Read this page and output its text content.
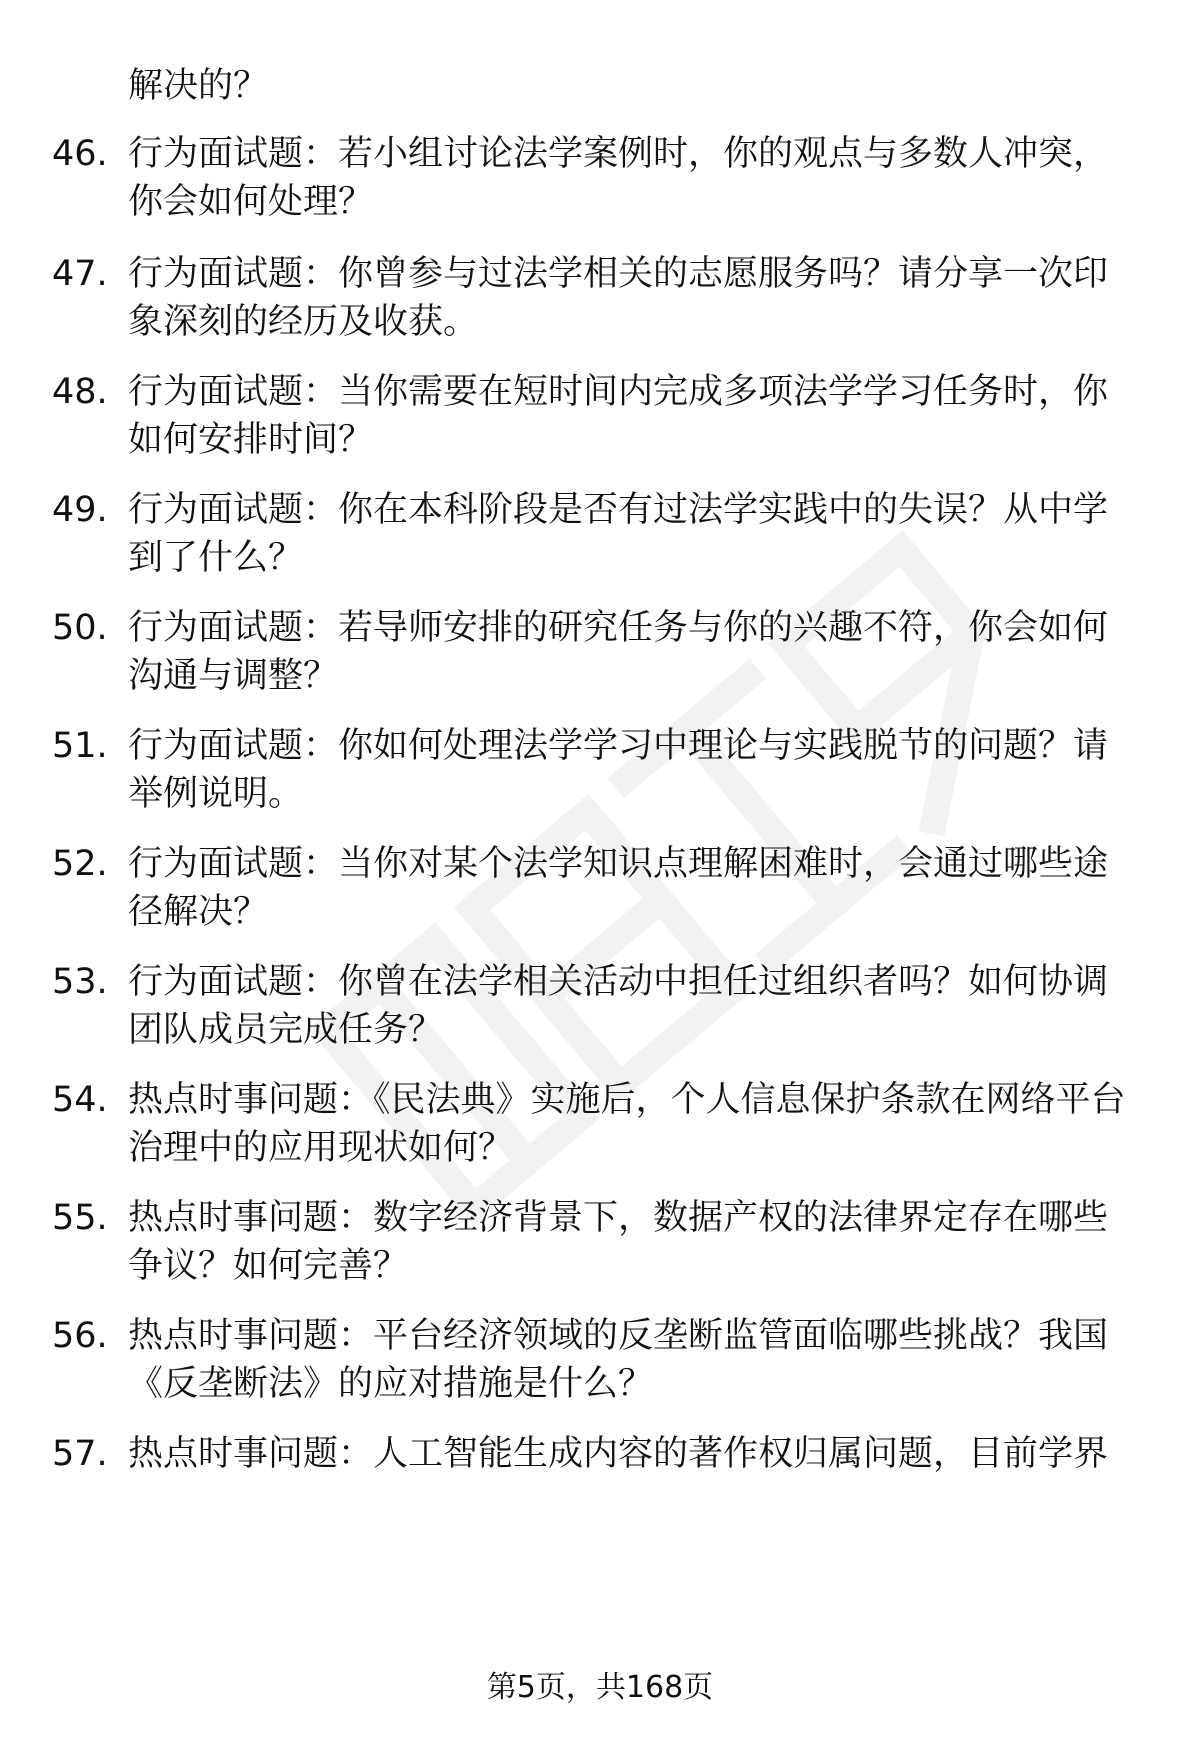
解决的？

46. 行为面试题：若小组讨论法学案例时，你的观点与多数人冲突，你会如何处理？
47. 行为面试题：你曾参与过法学相关的志愿服务吗？请分享一次印象深刻的经历及收获。
48. 行为面试题：当你需要在短时间内完成多项法学学习任务时，你如何安排时间？
49. 行为面试题：你在本科阶段是否有过法学实践中的失误？从中学到了什么？
50. 行为面试题：若导师安排的研究任务与你的兴趣不符，你会如何沟通与调整？
51. 行为面试题：你如何处理法学学习中理论与实践脱节的问题？请举例说明。
52. 行为面试题：当你对某个法学知识点理解困难时，会通过哪些途径解决？
53. 行为面试题：你曾在法学相关活动中担任过组织者吗？如何协调团队成员完成任务？
54. 热点时事问题：《民法典》实施后，个人信息保护条款在网络平台治理中的应用现状如何？
55. 热点时事问题：数字经济背景下，数据产权的法律界定存在哪些争议？如何完善？
56. 热点时事问题：平台经济领域的反垄断监管面临哪些挑战？我国《反垄断法》的应对措施是什么？
57. 热点时事问题：人工智能生成内容的著作权归属问题，目前学界
第5页，共168页
